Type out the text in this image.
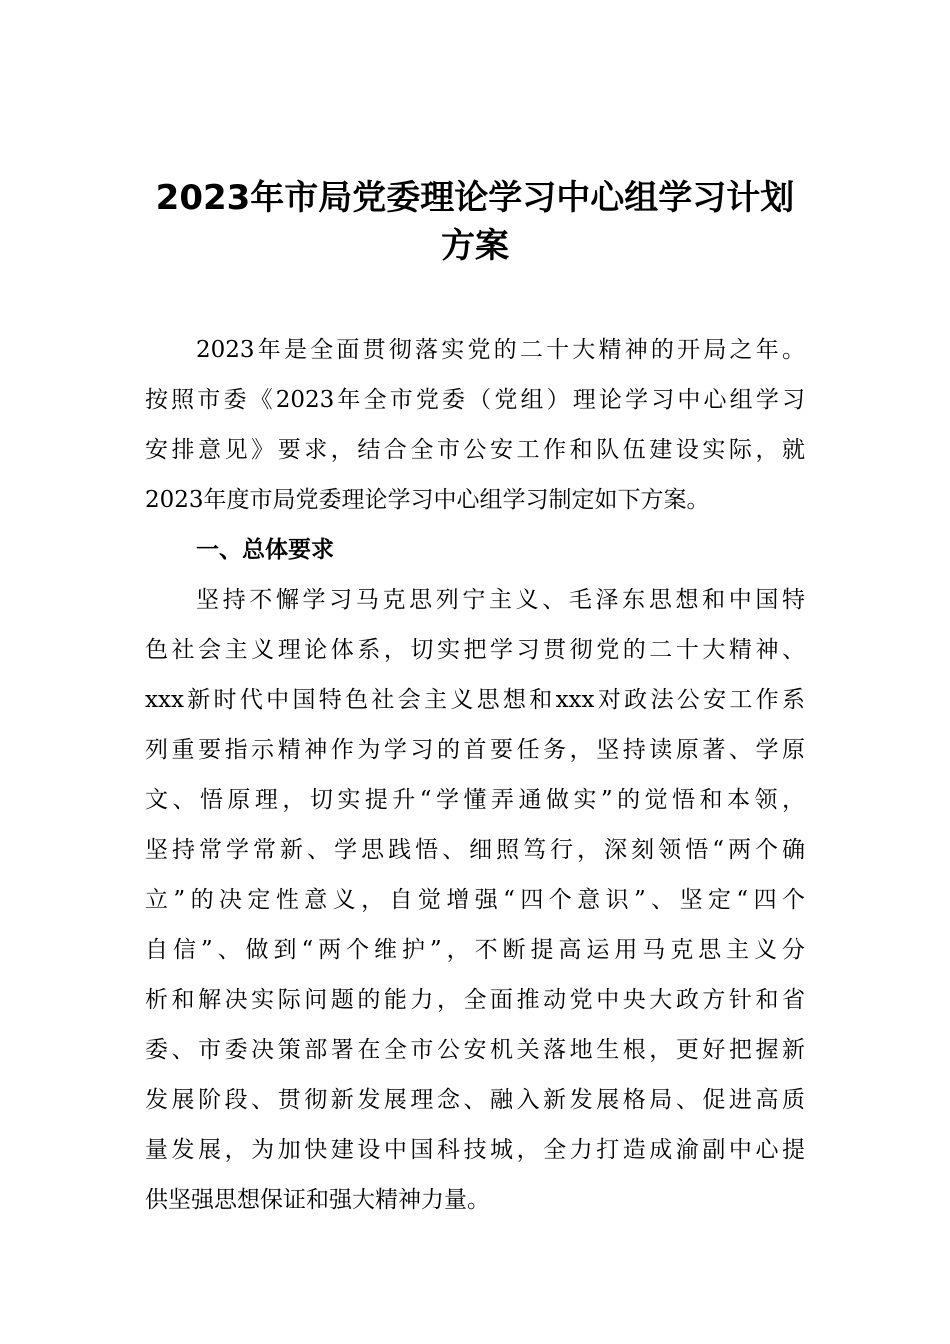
2023年市局党委理论学习中心组学习计划
方案

2023年是全面贯彻落实党的二十大精神的开局之年。

按照市委《2023年全市党委（党组）理论学习中心组学习

安排意见》要求，结合全市公安工作和队伍建设实际，就

2023年度市局党委理论学习中心组学习制定如下方案。

一、总体要求

坚持不懈学习马克思列宁主义、毛泽东思想和中国特

色社会主义理论体系，切实把学习贯彻党的二十大精神、

xxx新时代中国特色社会主义思想和xxx对政法公安工作系

列重要指示精神作为学习的首要任务，坚持读原著、学原

文、悟原理，切实提升“学懂弄通做实”的觉悟和本领，

坚持常学常新、学思践悟、细照笃行，深刻领悟“两个确

立”的决定性意义，自觉增强“四个意识”、坚定“四个

自信”、做到“两个维护”，不断提高运用马克思主义分

析和解决实际问题的能力，全面推动党中央大政方针和省

委、市委决策部署在全市公安机关落地生根，更好把握新

发展阶段、贯彻新发展理念、融入新发展格局、促进高质

量发展，为加快建设中国科技城，全力打造成渝副中心提

供坚强思想保证和强大精神力量。
